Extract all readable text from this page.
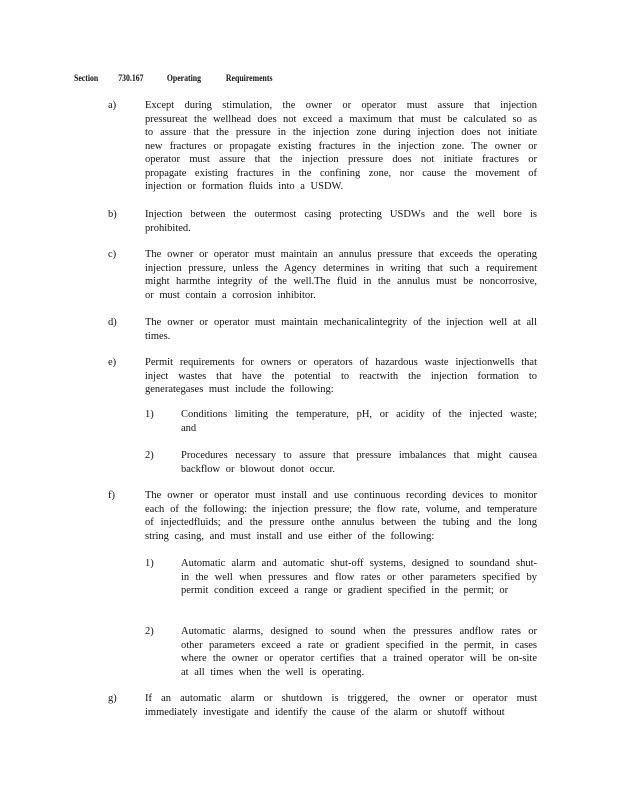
Section 730.167 Operating	Requirements
a)	Except during stimulation, the owner or operator must assure that injection pressureat the wellhead does not exceed a maximum that must be calculated so as to assure that the pressure in the injection zone during injection does not initiate new fractures or propagate existing fractures in the injection zone. The owner or operator must assure that the injection pressure does not initiate fractures or propagate existing fractures in the confining zone, nor cause the movement of injection or formation fluids into a USDW.
b)	Injection between the outermost casing protecting USDWs and the well bore is prohibited.
c)	The owner or operator must maintain an annulus pressure that exceeds the operating injection pressure, unless the Agency determines in writing that such a requirement might harmthe integrity of the well.The fluid in the annulus must be noncorrosive, or must contain a corrosion inhibitor.
d)	The owner or operator must maintain mechanicalintegrity of the injection well at all times.
e)	Permit requirements for owners or operators of hazardous waste injectionwells that inject wastes that have the potential to reactwith the injection formation to generategases must include the following:
1)	Conditions limiting the temperature, pH, or acidity of the injected waste; and
2)	Procedures necessary to assure that pressure imbalances that might causea backflow or blowout donot occur.
f)	The owner or operator must install and use continuous recording devices to monitor each of the following: the injection pressure; the flow rate, volume, and temperature of injectedfluids; and the pressure onthe annulus between the tubing and the long string casing, and must install and use either of the following:
1)	Automatic alarm and automatic shut-off systems, designed to soundand shut-in the well when pressures and flow rates or other parameters specified by permit condition exceed a range or gradient specified in the permit; or
2)	Automatic alarms, designed to sound when the pressures andflow rates or other parameters exceed a rate or gradient specified in the permit, in cases where the owner or operator certifies that a trained operator will be on-site at all times when the well is operating.
g)	If an automatic alarm or shutdown is triggered, the owner or operator must immediately investigate and identify the cause of the alarm or shutoff without
